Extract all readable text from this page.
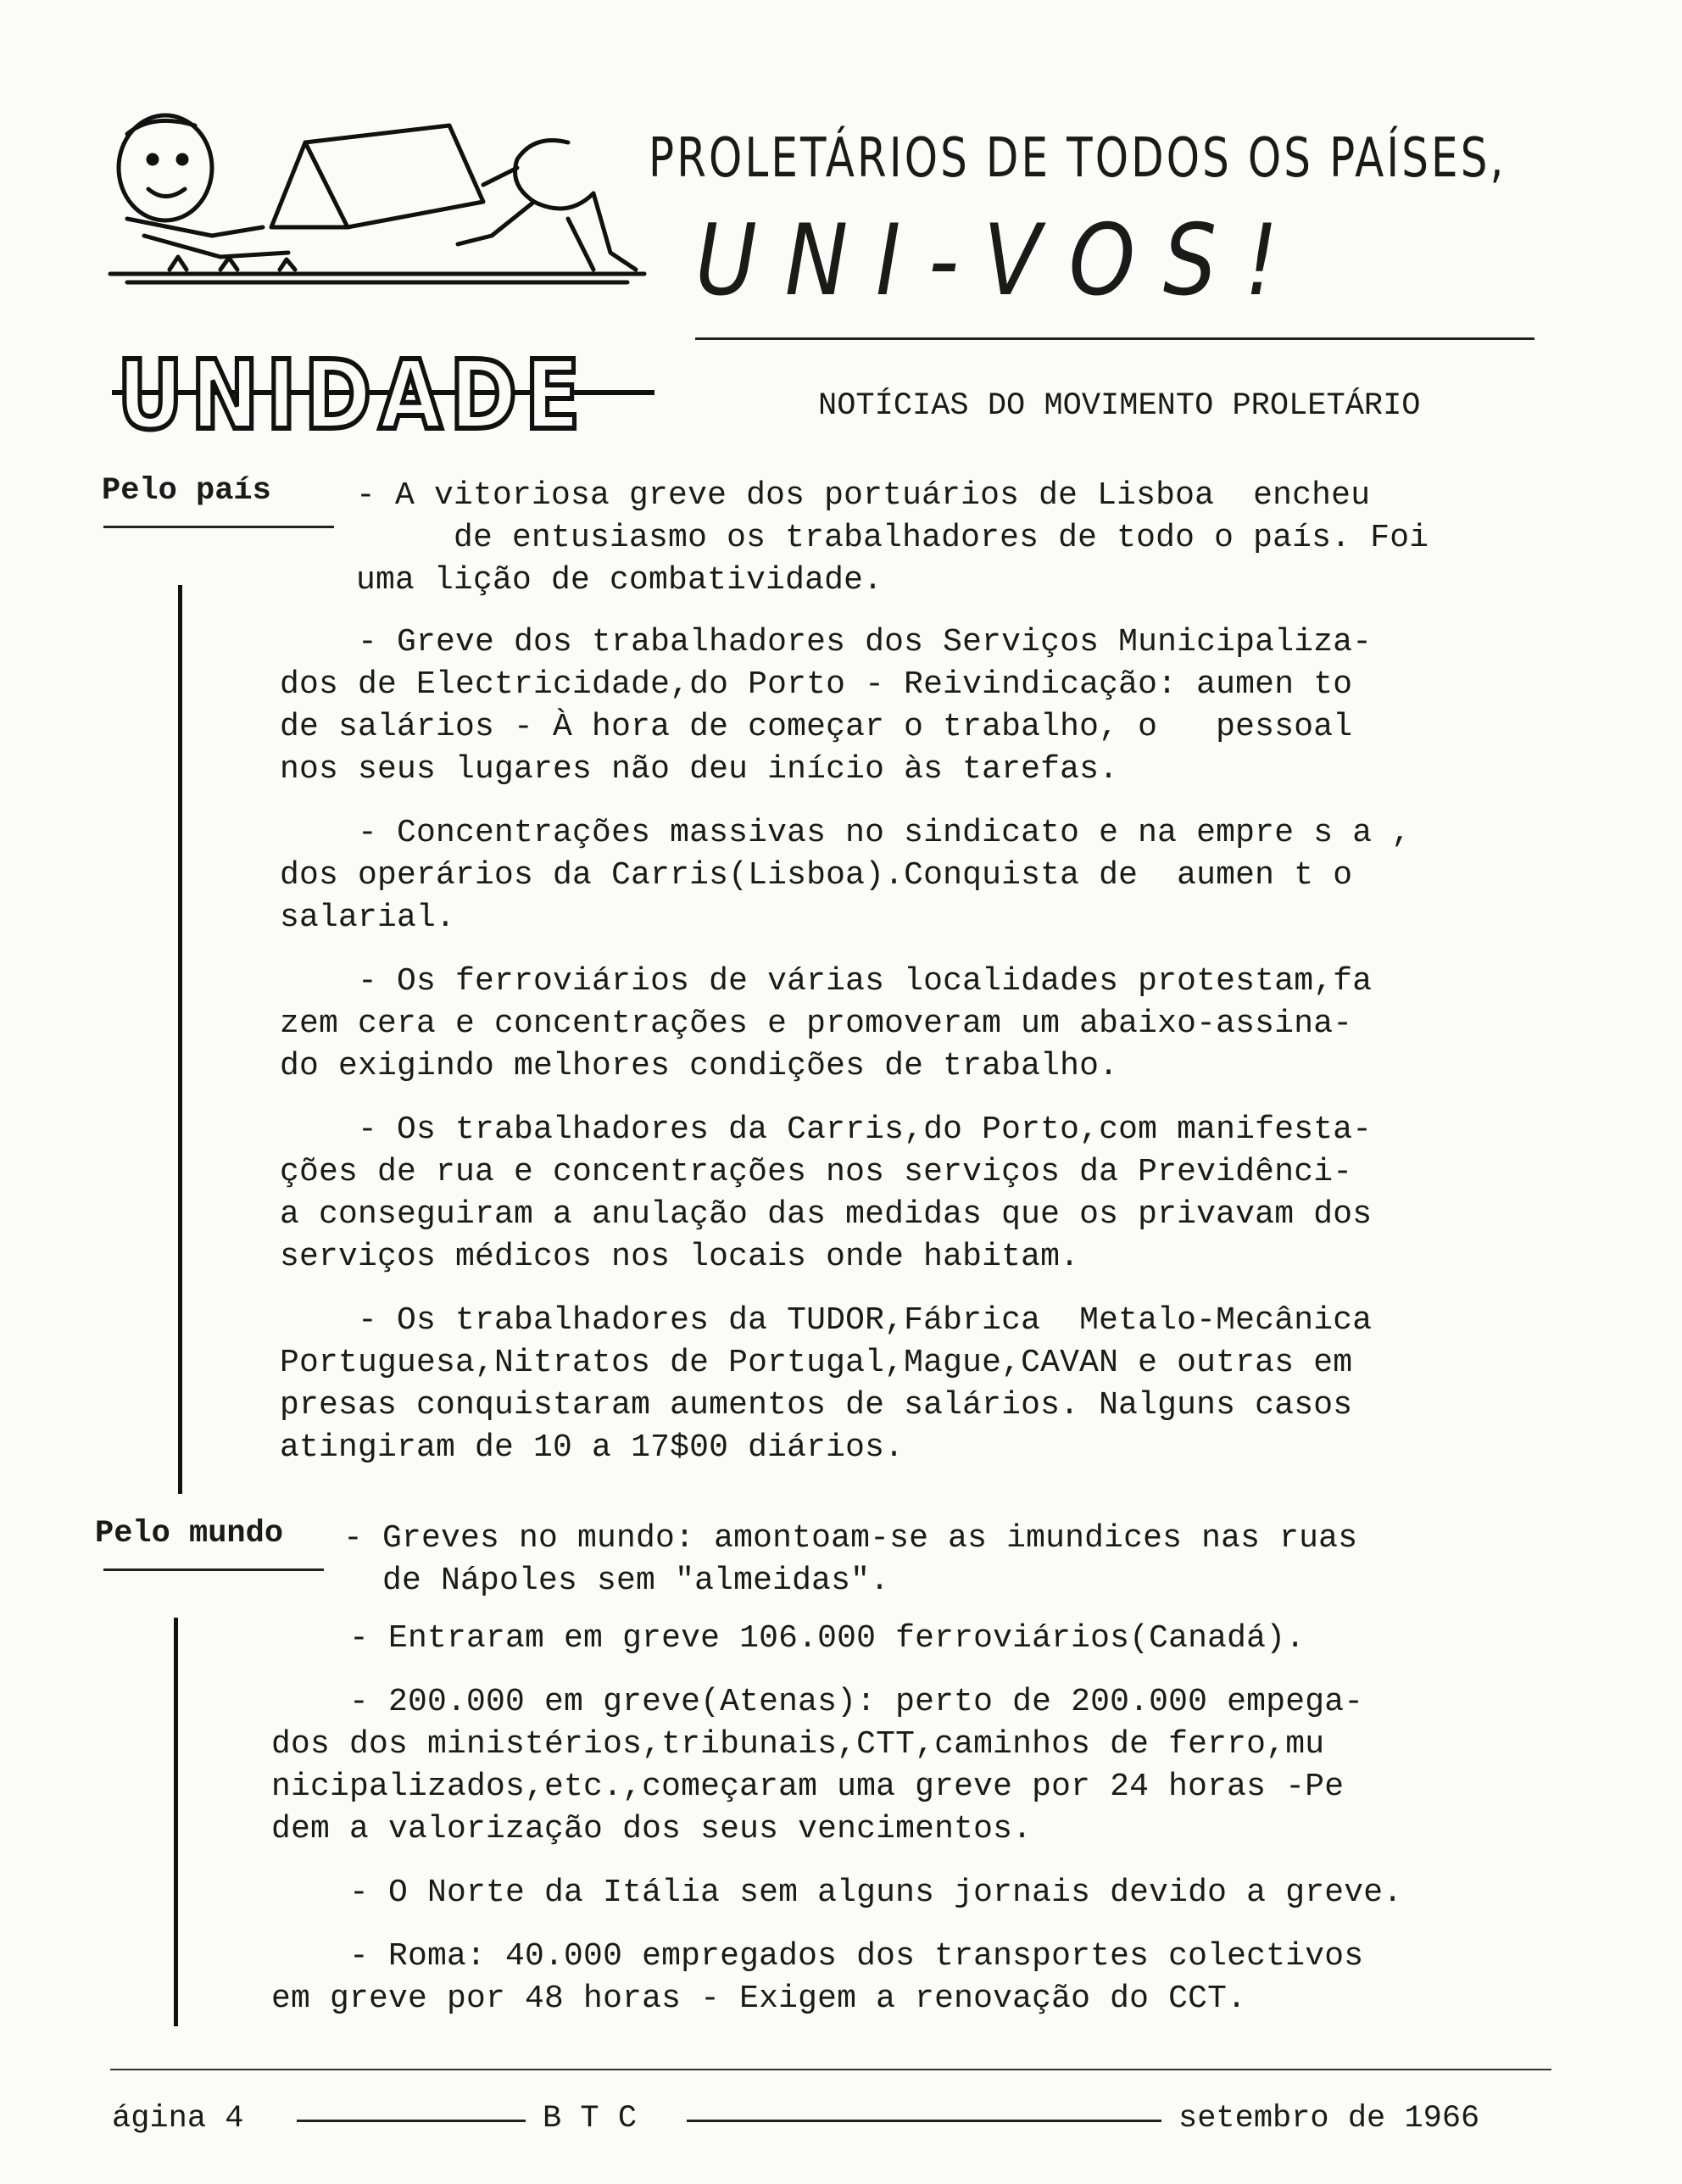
PROLETÁRIOS DE TODOS OS PAÍSES,
UNI-VOS!
UNIDADE	NOTÍCIAS DO MOVIMENTO PROLETÁRIO
Pelo país	- A vitoriosa greve dos portuários de Lisboa  encheu
de entusiasmo os trabalhadores de todo o país. Foi
uma lição de combatividade.
- Greve dos trabalhadores dos Serviços Municipaliza-
dos de Electricidade,do Porto - Reivindicação: aumen to
de salários - À hora de começar o trabalho, o   pessoal
nos seus lugares não deu início às tarefas.
- Concentrações massivas no sindicato e na empre s a ,
dos operários da Carris(Lisboa).Conquista de  aumen t o
salarial.
- Os ferroviários de várias localidades protestam,fa
zem cera e concentrações e promoveram um abaixo-assina-
do exigindo melhores condições de trabalho.
- Os trabalhadores da Carris,do Porto,com manifesta-
ções de rua e concentrações nos serviços da Previdênci-
a conseguiram a anulação das medidas que os privavam dos
serviços médicos nos locais onde habitam.
- Os trabalhadores da TUDOR,Fábrica  Metalo-Mecânica
Portuguesa,Nitratos de Portugal,Mague,CAVAN e outras em
presas conquistaram aumentos de salários. Nalguns casos
atingiram de 10 a 17$00 diários.
Pelo mundo - Greves no mundo: amontoam-se as imundices nas ruas
de Nápoles sem "almeidas".
- Entraram em greve 106.000 ferroviários(Canadá).
- 200.000 em greve(Atenas): perto de 200.000 empega-
dos dos ministérios,tribunais,CTT,caminhos de ferro,mu
nicipalizados,etc.,começaram uma greve por 24 horas -Pe
dem a valorização dos seus vencimentos.
- O Norte da Itália sem alguns jornais devido a greve.
- Roma: 40.000 empregados dos transportes colectivos
em greve por 48 horas - Exigem a renovação do CCT.
ágina 4	B T C	setembro de 1966
